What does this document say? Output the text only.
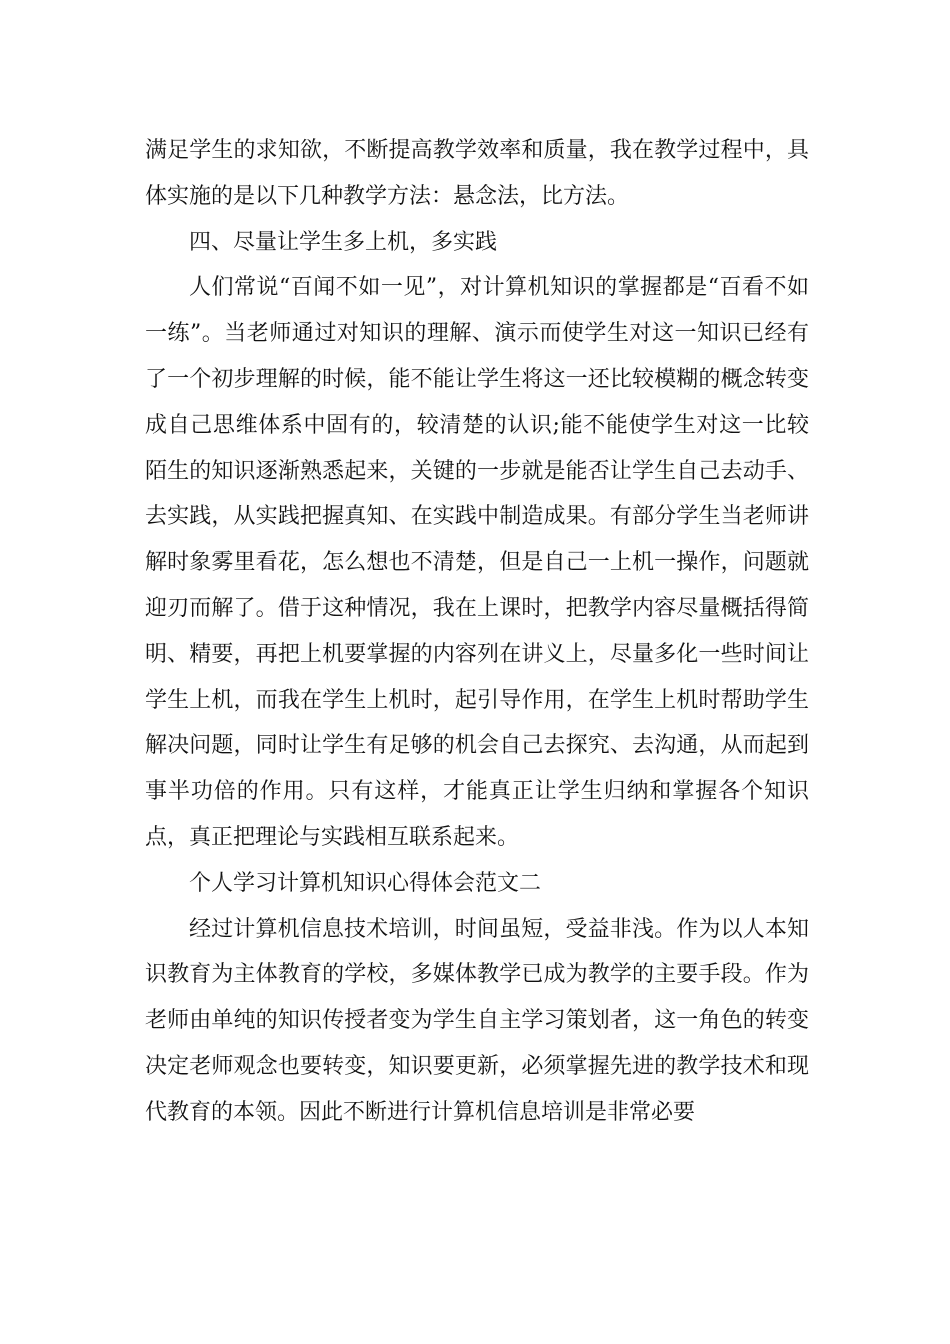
满足学生的求知欲，不断提高教学效率和质量，我在教学过程中，具体实施的是以下几种教学方法：悬念法，比方法。

四、尽量让学生多上机，多实践

人们常说“百闻不如一见”，对计算机知识的掌握都是“百看不如一练”。当老师通过对知识的理解、演示而使学生对这一知识已经有了一个初步理解的时候，能不能让学生将这一还比较模糊的概念转变成自己思维体系中固有的，较清楚的认识;能不能使学生对这一比较陌生的知识逐渐熟悉起来，关键的一步就是能否让学生自己去动手、去实践，从实践把握真知、在实践中制造成果。有部分学生当老师讲解时象雾里看花，怎么想也不清楚，但是自己一上机一操作，问题就迎刃而解了。借于这种情况，我在上课时，把教学内容尽量概括得简明、精要，再把上机要掌握的内容列在讲义上，尽量多化一些时间让学生上机，而我在学生上机时，起引导作用，在学生上机时帮助学生解决问题，同时让学生有足够的机会自己去探究、去沟通，从而起到事半功倍的作用。只有这样，才能真正让学生归纳和掌握各个知识点，真正把理论与实践相互联系起来。

个人学习计算机知识心得体会范文二

经过计算机信息技术培训，时间虽短，受益非浅。作为以人本知识教育为主体教育的学校，多媒体教学已成为教学的主要手段。作为老师由单纯的知识传授者变为学生自主学习策划者，这一角色的转变决定老师观念也要转变，知识要更新，必须掌握先进的教学技术和现代教育的本领。因此不断进行计算机信息培训是非常必要
